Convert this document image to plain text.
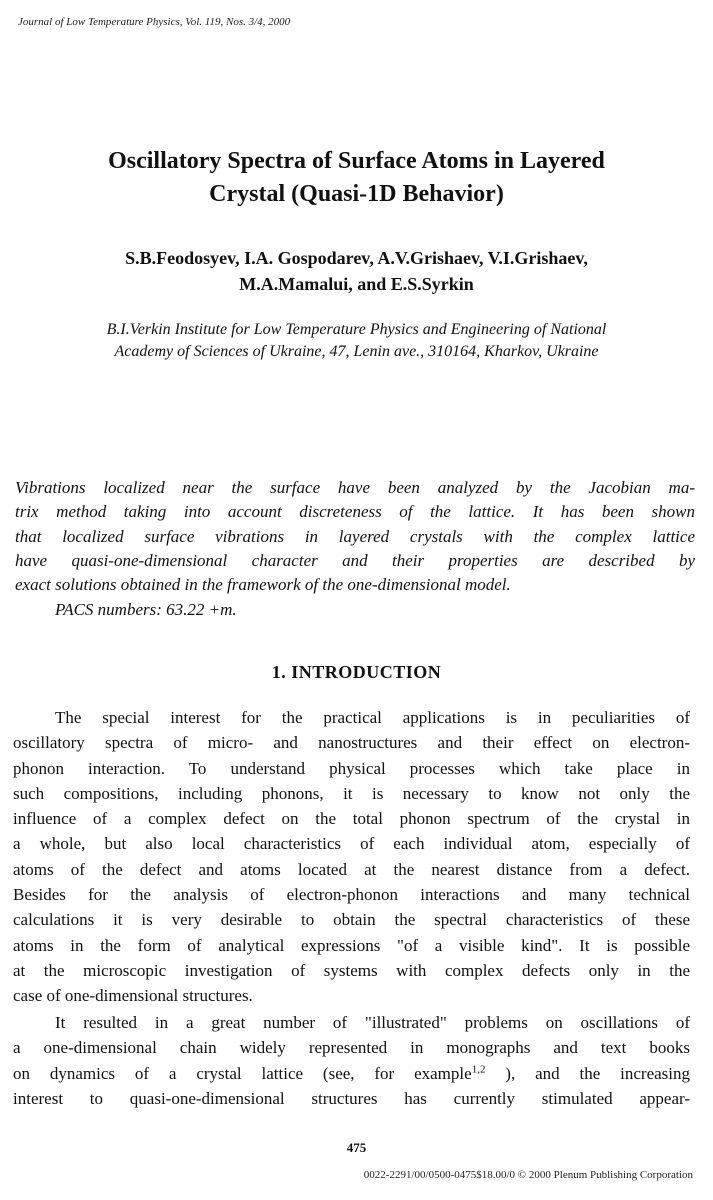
Journal of Low Temperature Physics, Vol. 119, Nos. 3/4, 2000
Oscillatory Spectra of Surface Atoms in Layered
Crystal (Quasi-1D Behavior)
S.B.Feodosyev, I.A. Gospodarev, A.V.Grishaev, V.I.Grishaev,
M.A.Mamalui, and E.S.Syrkin
B.I.Verkin Institute for Low Temperature Physics and Engineering of National
Academy of Sciences of Ukraine, 47, Lenin ave., 310164, Kharkov, Ukraine
Vibrations localized near the surface have been analyzed by the Jacobian ma-
trix method taking into account discreteness of the lattice. It has been shown
that localized surface vibrations in layered crystals with the complex lattice
have quasi-one-dimensional character and their properties are described by
exact solutions obtained in the framework of the one-dimensional model.
PACS numbers: 63.22 +m.
1. INTRODUCTION
The special interest for the practical applications is in peculiarities of
oscillatory spectra of micro- and nanostructures and their effect on electron-
phonon interaction. To understand physical processes which take place in
such compositions, including phonons, it is necessary to know not only the
influence of a complex defect on the total phonon spectrum of the crystal in
a whole, but also local characteristics of each individual atom, especially of
atoms of the defect and atoms located at the nearest distance from a defect.
Besides for the analysis of electron-phonon interactions and many technical
calculations it is very desirable to obtain the spectral characteristics of these
atoms in the form of analytical expressions "of a visible kind". It is possible
at the microscopic investigation of systems with complex defects only in the
case of one-dimensional structures.
It resulted in a great number of "illustrated" problems on oscillations of
a one-dimensional chain widely represented in monographs and text books
on dynamics of a crystal lattice (see, for example$^{1,2}$ ), and the increasing
interest to quasi-one-dimensional structures has currently stimulated appear-
475
0022-2291/00/0500-0475$18.00/0 © 2000 Plenum Publishing Corporation
